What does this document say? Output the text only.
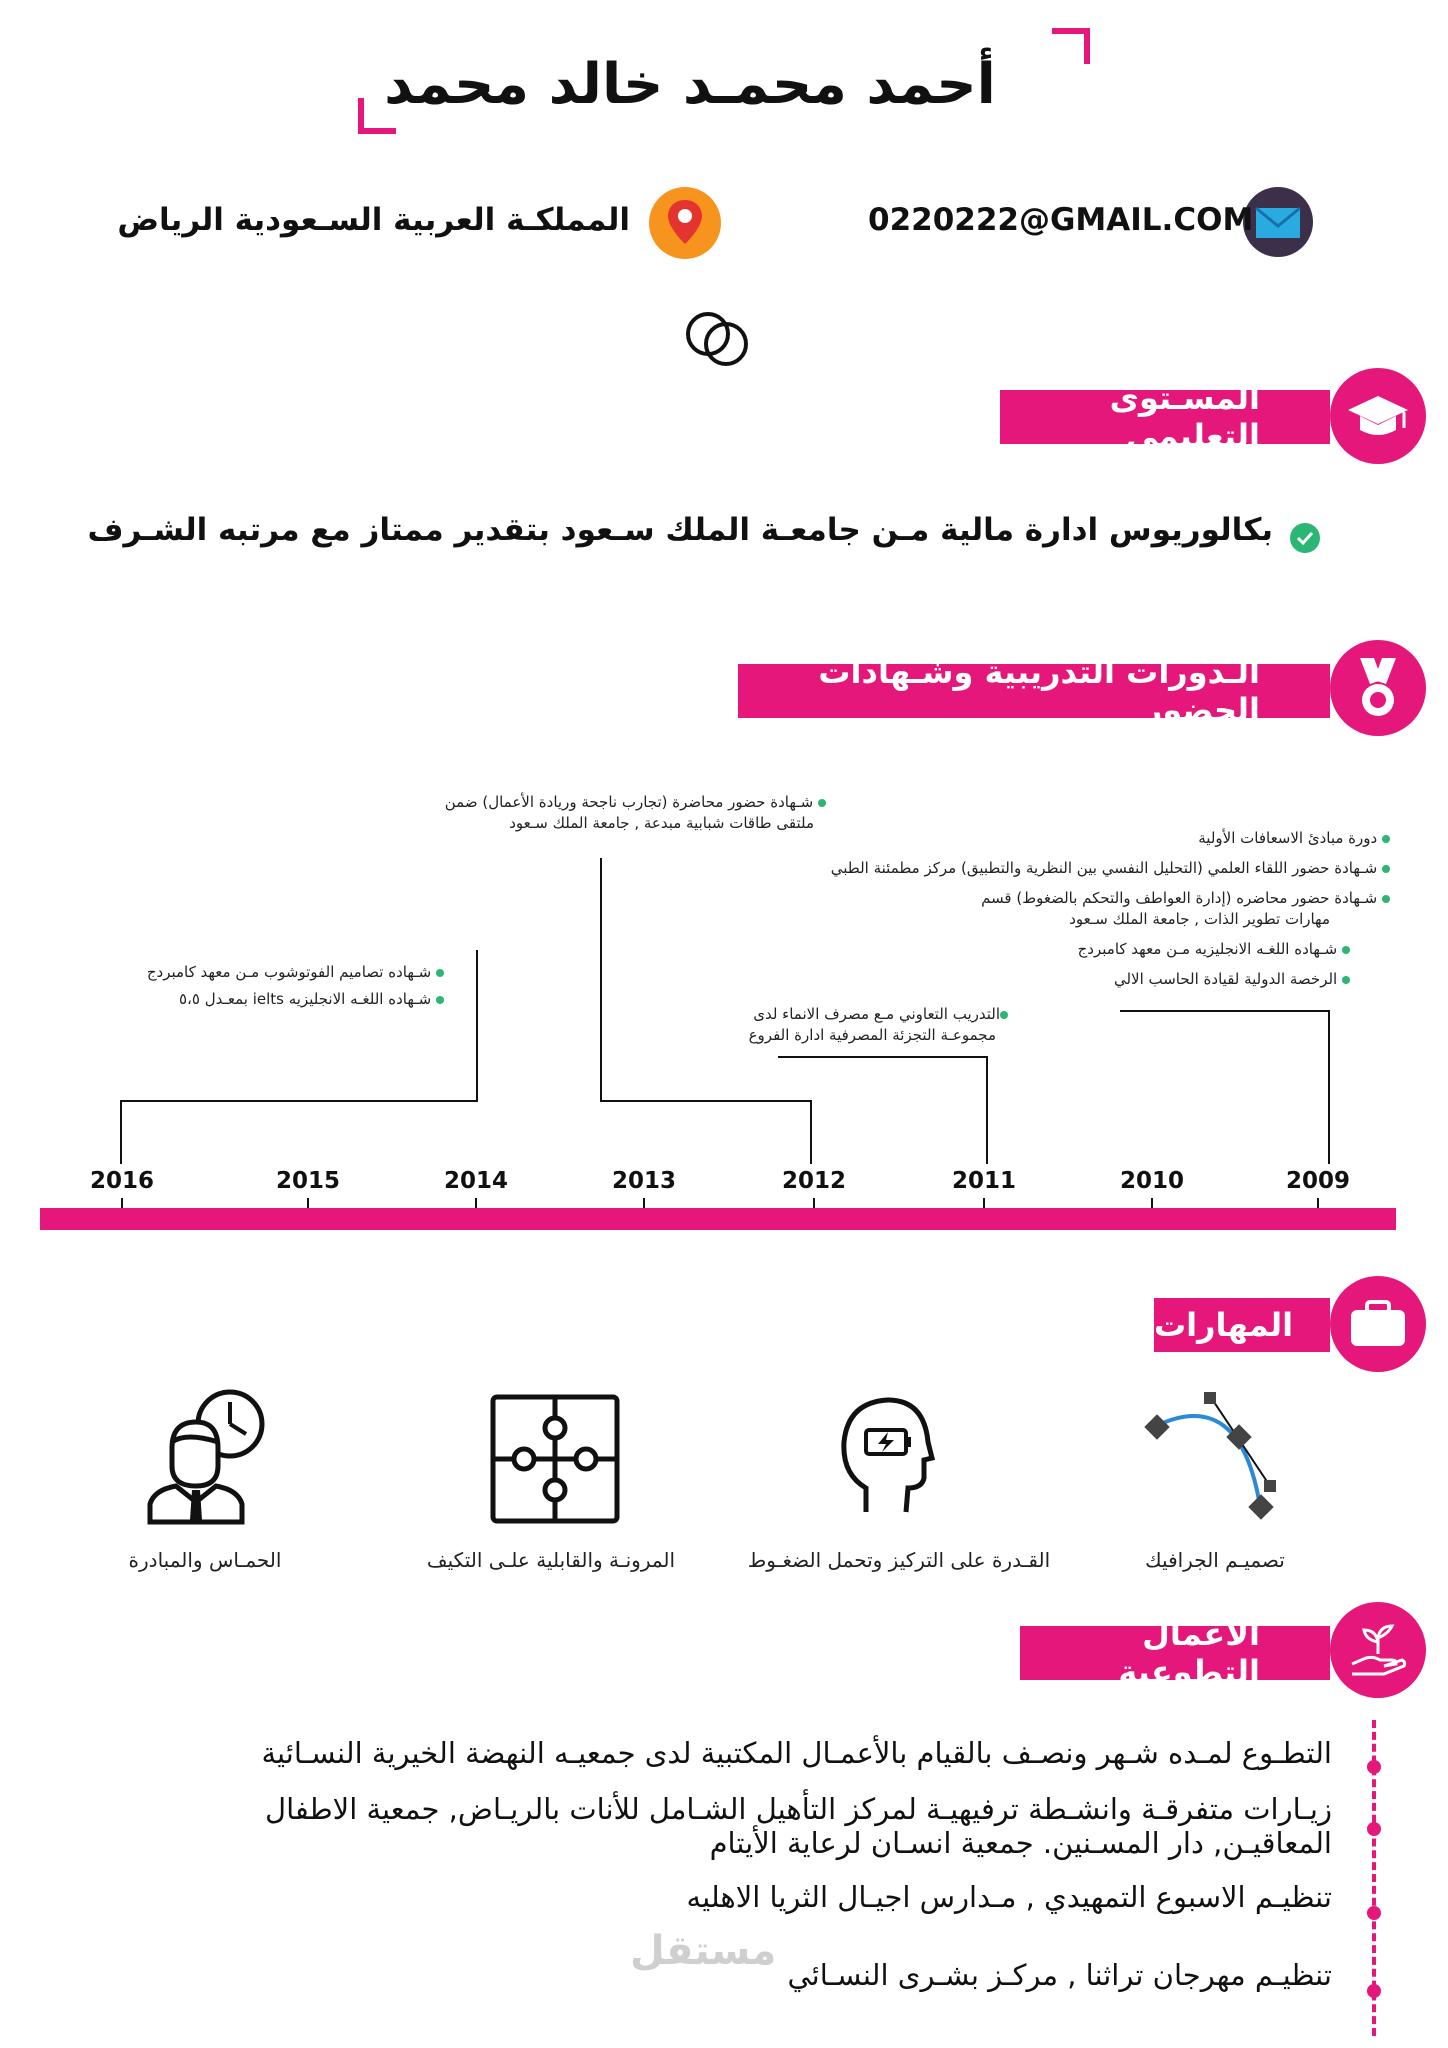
أحمد محمـد خالد محمد
0220222@GMAIL.COM
المملكـة العربية السـعودية الرياض
المسـتوى التعليمي
بكالوريوس ادارة مالية مـن جامعـة الملك سـعود بتقدير ممتاز مع مرتبه الشـرف
الـدورات التدريبية وشـهادات الحضور
شـهادة حضور محاضرة (تجارب ناجحة وريادة الأعمال) ضمن
ملتقى طاقات شبابية مبدعة , جامعة الملك سـعود
دورة مبادئ الاسعافات الأولية
شـهادة حضور اللقاء العلمي (التحليل النفسي بين النظرية والتطبيق) مركز مطمئنة الطبي
شـهادة حضور محاضره (إدارة العواطف والتحكم بالضغوط) قسم
مهارات تطوير الذات , جامعة الملك سـعود
شـهاده اللغـه الانجليزيه مـن معهد كامبردج
الرخصة الدولية لقيادة الحاسب الالي
شـهاده تصاميم الفوتوشوب مـن معهد كامبردج
شـهاده اللغـه الانجليزيه ielts بمعـدل ٥،٥
التدريب التعاوني مـع مصرف الانماء لدى
مجموعـة التجزئة المصرفية ادارة الفروع
2016	2015	2014	2013	2012	2011	2010	2009
المهارات
تصميـم الجرافيك
القـدرة على التركيز وتحمل الضغـوط
المرونـة والقابلية علـى التكيف
الحمـاس والمبادرة
الأعمال التطوعية
التطـوع لمـده شـهر ونصـف بالقيام بالأعمـال المكتبية لدى جمعيـه النهضة الخيرية النسـائية
زيـارات متفرقـة وانشـطة ترفيهيـة لمركز التأهيل الشـامل للأنات بالريـاض, جمعية الاطفال
المعاقيـن, دار المسـنين. جمعية انسـان لرعاية الأيتام
تنظيـم الاسبوع التمهيدي , مـدارس اجيـال الثريا الاهليه
تنظيـم مهرجان تراثنا , مركـز بشـرى النسـائي
مستقل
